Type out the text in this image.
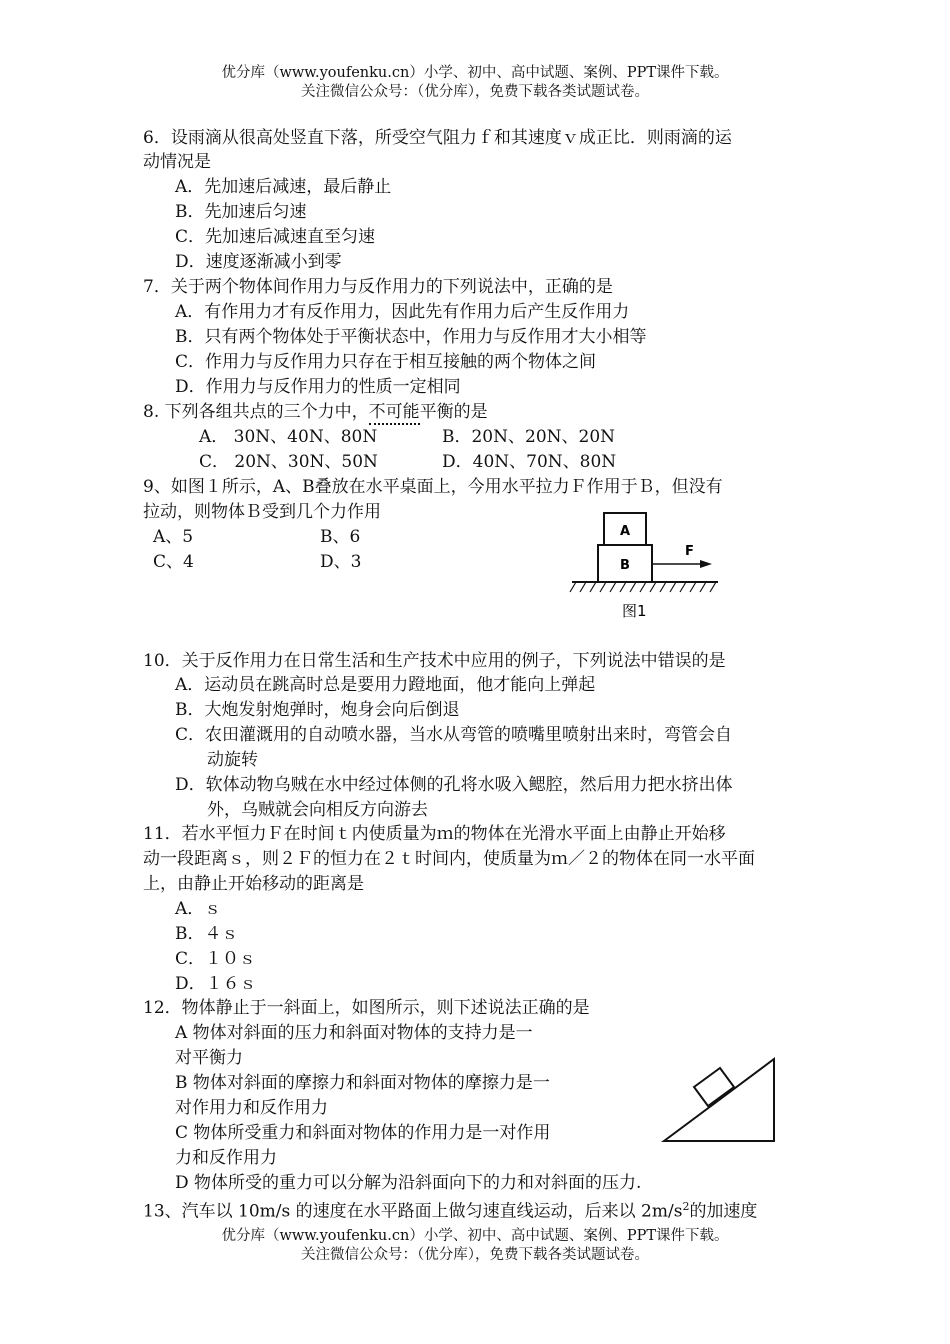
优分库（www.youfenku.cn）小学、初中、高中试题、案例、PPT课件下载。
关注微信公众号：（优分库），免费下载各类试题试卷。
6．设雨滴从很高处竖直下落，所受空气阻力ｆ和其速度ｖ成正比．则雨滴的运
动情况是
A．先加速后减速，最后静止
B．先加速后匀速
C．先加速后减速直至匀速
D．速度逐渐减小到零
7．关于两个物体间作用力与反作用力的下列说法中，正确的是
A．有作用力才有反作用力，因此先有作用力后产生反作用力
B．只有两个物体处于平衡状态中，作用力与反作用才大小相等
C．作用力与反作用力只存在于相互接触的两个物体之间
D．作用力与反作用力的性质一定相同
8. 下列各组共点的三个力中，不可能平衡的是
A． 30N、40N、80N	B．20N、20N、20N
C． 20N、30N、50N	D．40N、70N、80N
9、如图１所示，A、B叠放在水平桌面上，今用水平拉力Ｆ作用于Ｂ，但没有
拉动，则物体Ｂ受到几个力作用
A、5	B、6
C、4	D、3
A
B
F
图1
10．关于反作用力在日常生活和生产技术中应用的例子，下列说法中错误的是
A．运动员在跳高时总是要用力蹬地面，他才能向上弹起
B．大炮发射炮弹时，炮身会向后倒退
C．农田灌溉用的自动喷水器，当水从弯管的喷嘴里喷射出来时，弯管会自
动旋转
D．软体动物乌贼在水中经过体侧的孔将水吸入鳃腔，然后用力把水挤出体
外，乌贼就会向相反方向游去
11．若水平恒力Ｆ在时间ｔ内使质量为ｍ的物体在光滑水平面上由静止开始移
动一段距离ｓ，则２Ｆ的恒力在２ｔ时间内，使质量为ｍ／２的物体在同一水平面
上，由静止开始移动的距离是
A．ｓ
B．４ｓ
C．１０ｓ
D．１６ｓ
12．物体静止于一斜面上，如图所示，则下述说法正确的是
A 物体对斜面的压力和斜面对物体的支持力是一
对平衡力
B 物体对斜面的摩擦力和斜面对物体的摩擦力是一
对作用力和反作用力
C 物体所受重力和斜面对物体的作用力是一对作用
力和反作用力
D 物体所受的重力可以分解为沿斜面向下的力和对斜面的压力.
13、汽车以 10m/s 的速度在水平路面上做匀速直线运动，后来以 $2m/s^2$的加速度
优分库（www.youfenku.cn）小学、初中、高中试题、案例、PPT课件下载。
关注微信公众号：（优分库），免费下载各类试题试卷。
